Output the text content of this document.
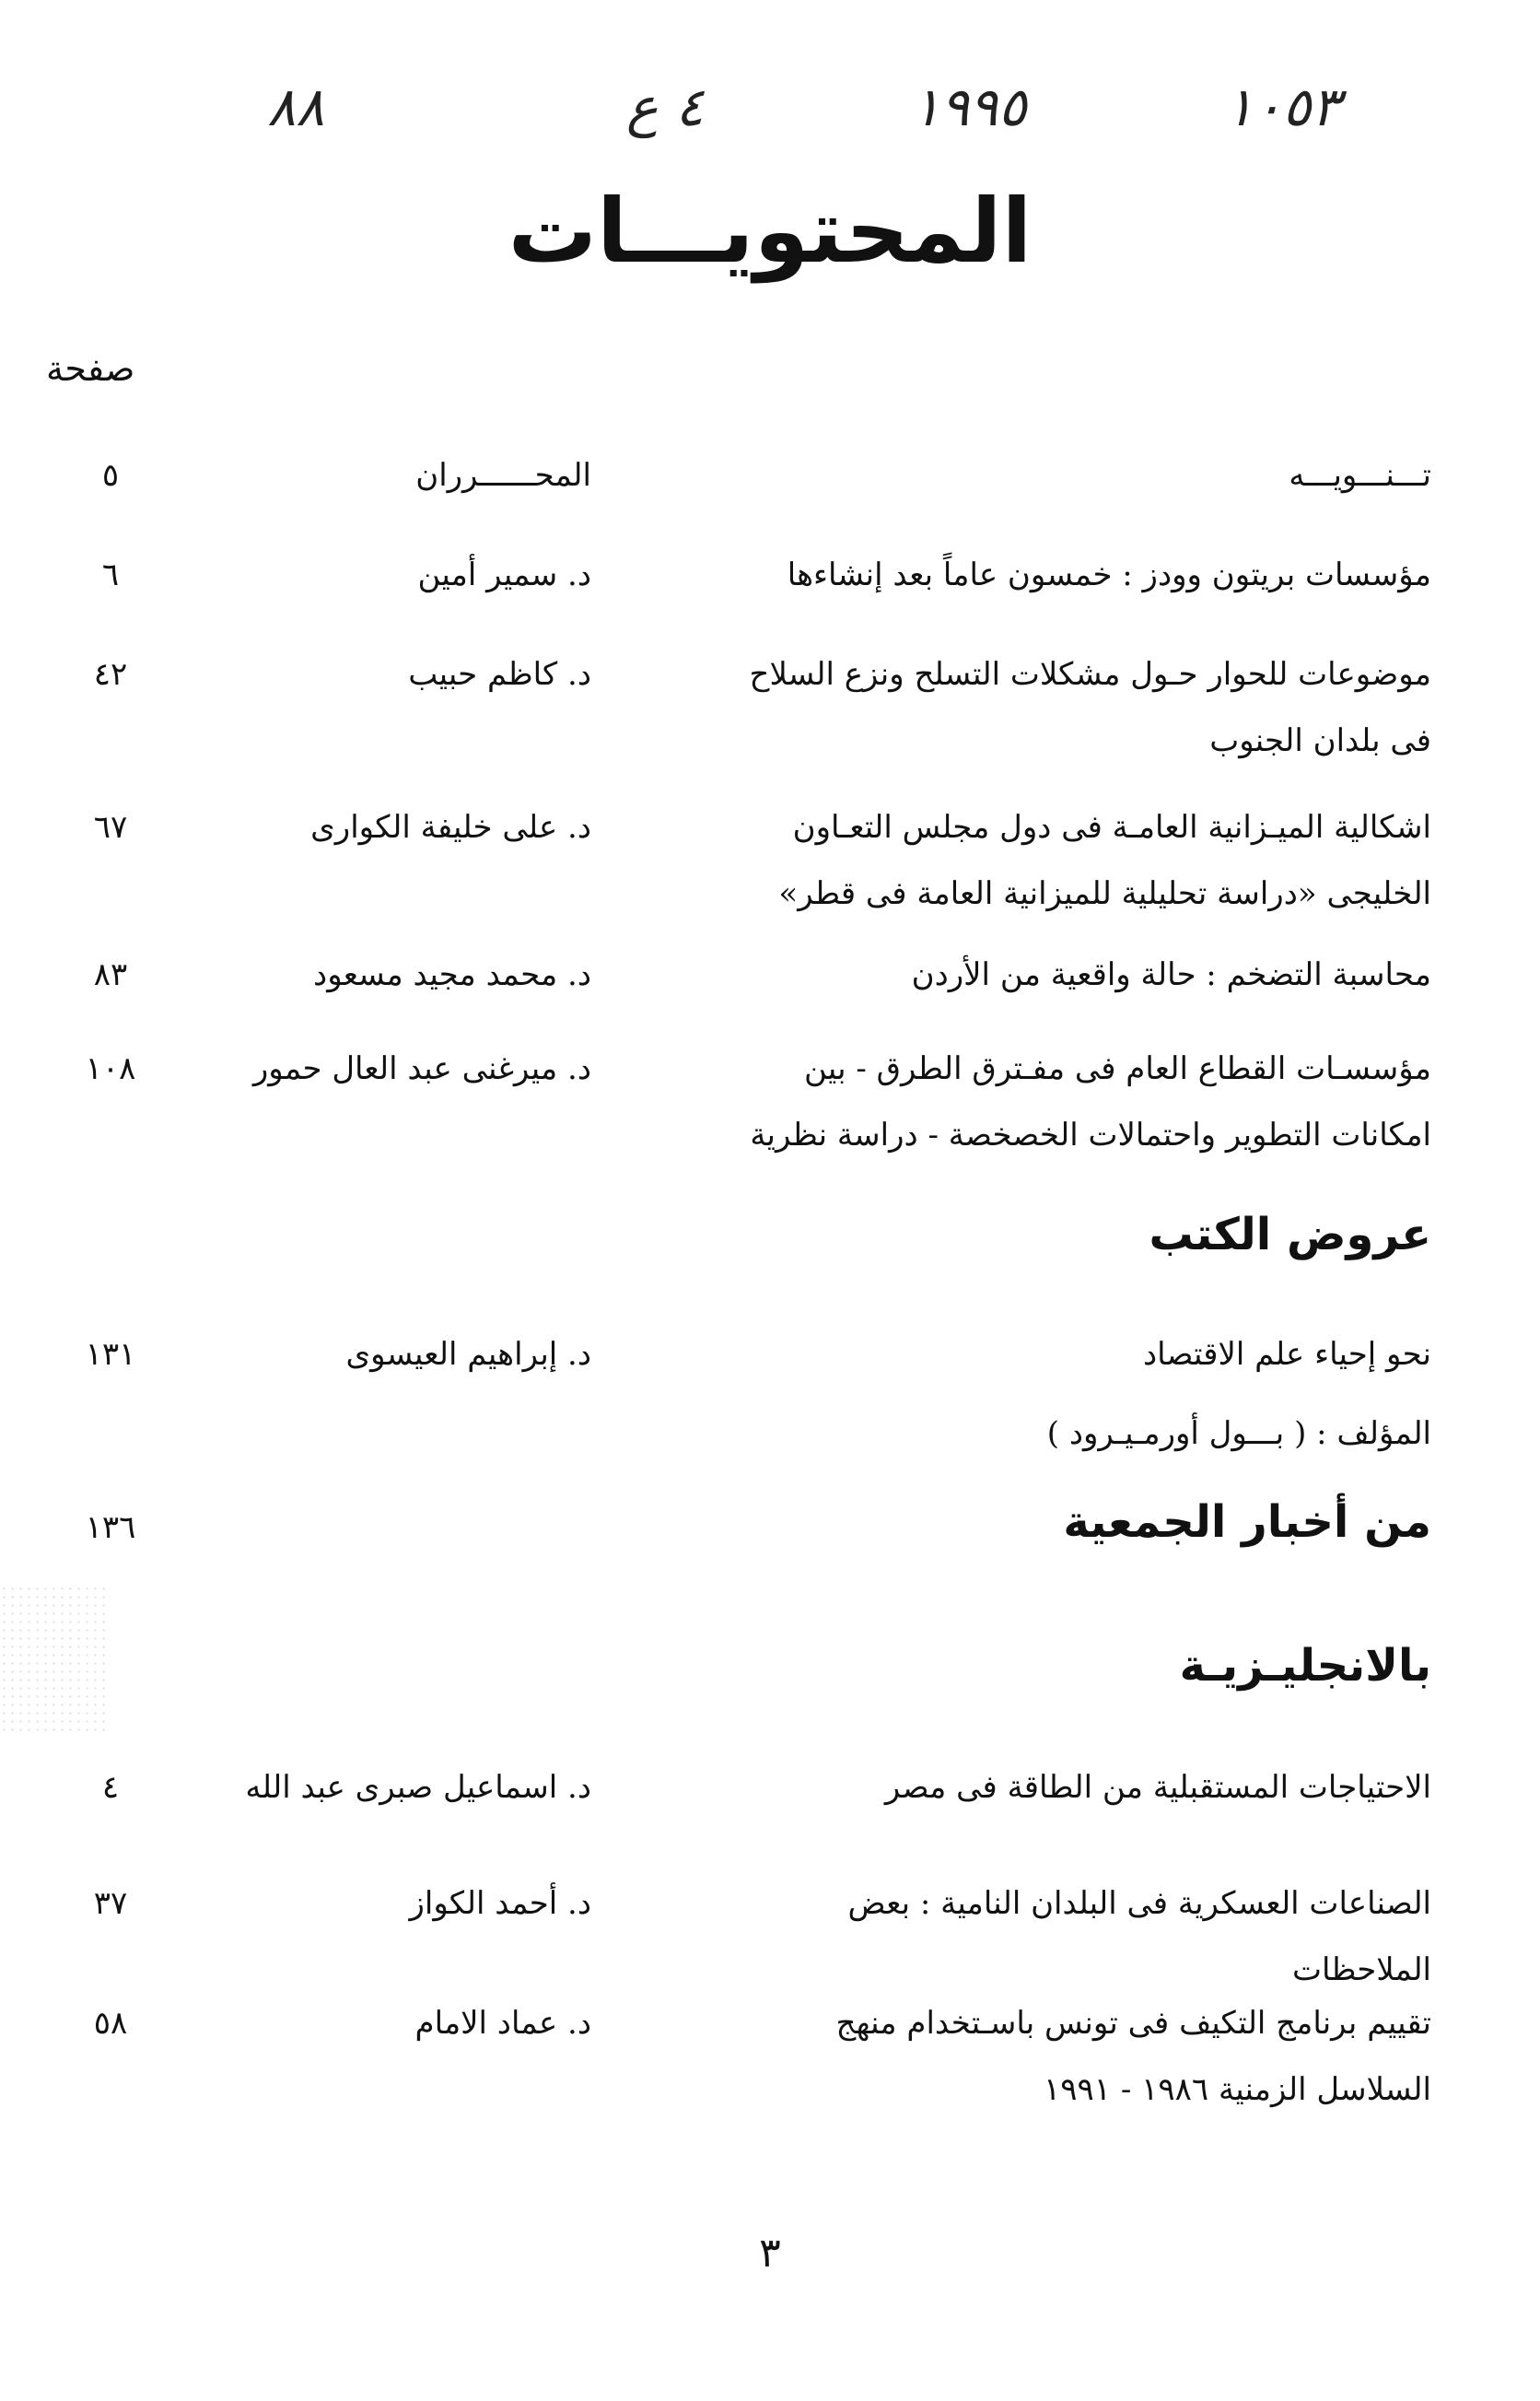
١٠٥٣
١٩٩٥
٤ ع
٨٨
المحتويـــات
صفحة
تـــنـــويـــه
المحــــــرران
٥
مؤسسات بريتون وودز : خمسون عاماً بعد إنشاءها
د. سمير أمين
٦
موضوعات للحوار حـول مشكلات التسلح ونزع السلاح فى بلدان الجنوب
د. كاظم حبيب
٤٢
اشكالية الميـزانية العامـة فى دول مجلس التعـاون الخليجى «دراسة تحليلية للميزانية العامة فى قطر»
د. على خليفة الكوارى
٦٧
محاسبة التضخم : حالة واقعية من الأردن
د. محمد مجيد مسعود
٨٣
مؤسسـات القطاع العام فى مفـترق الطرق - بين امكانات التطوير واحتمالات الخصخصة - دراسة نظرية
د. ميرغنى عبد العال حمور
١٠٨
عروض الكتب
نحو إحياء علم الاقتصاد
د. إبراهيم العيسوى
١٣١
المؤلف : ( بـــول أورمـيـرود )
من أخبار الجمعية
١٣٦
بالانجليـزيـة
الاحتياجات المستقبلية من الطاقة فى مصر
د. اسماعيل صبرى عبد الله
٤
الصناعات العسكرية فى البلدان النامية : بعض الملاحظات
د. أحمد الكواز
٣٧
تقييم برنامج التكيف فى تونس باسـتخدام منهج السلاسل الزمنية ١٩٨٦ - ١٩٩١
د. عماد الامام
٥٨
٣
